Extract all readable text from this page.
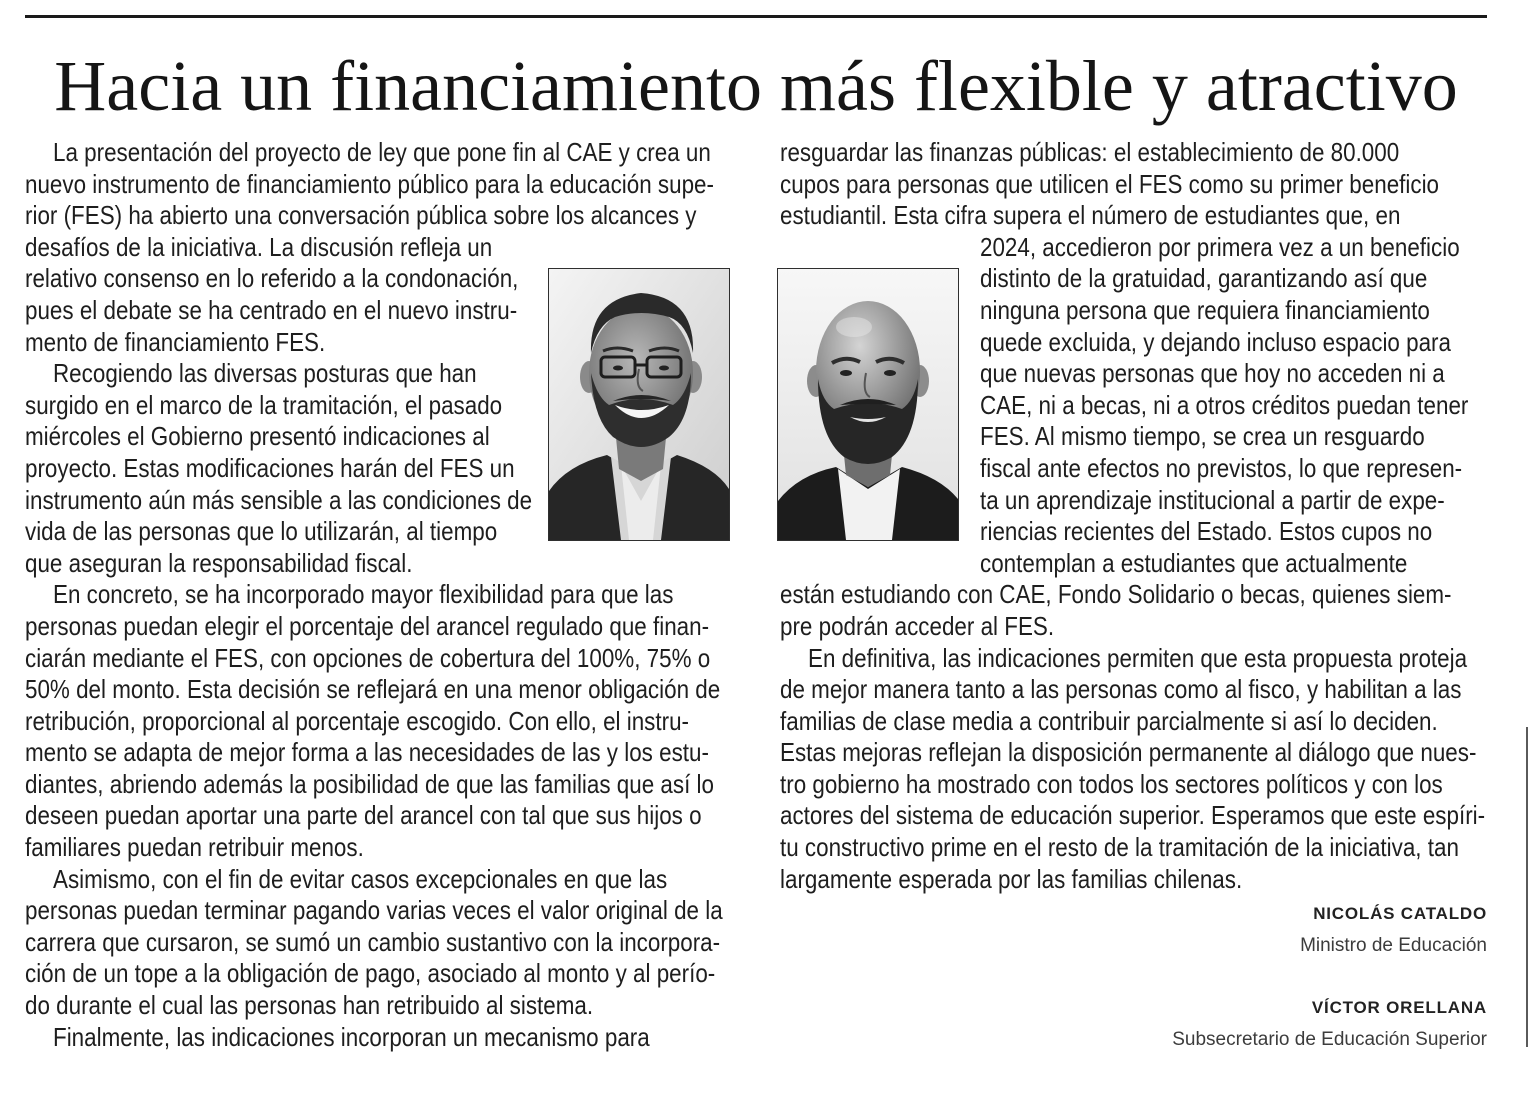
Hacia un financiamiento más flexible y atractivo
La presentación del proyecto de ley que pone fin al CAE y crea un
nuevo instrumento de financiamiento público para la educación supe-
rior (FES) ha abierto una conversación pública sobre los alcances y
desafíos de la iniciativa. La discusión refleja un
relativo consenso en lo referido a la condonación,
pues el debate se ha centrado en el nuevo instru-
mento de financiamiento FES.
Recogiendo las diversas posturas que han
surgido en el marco de la tramitación, el pasado
miércoles el Gobierno presentó indicaciones al
proyecto. Estas modificaciones harán del FES un
instrumento aún más sensible a las condiciones de
vida de las personas que lo utilizarán, al tiempo
que aseguran la responsabilidad fiscal.
En concreto, se ha incorporado mayor flexibilidad para que las
personas puedan elegir el porcentaje del arancel regulado que finan-
ciarán mediante el FES, con opciones de cobertura del 100%, 75% o
50% del monto. Esta decisión se reflejará en una menor obligación de
retribución, proporcional al porcentaje escogido. Con ello, el instru-
mento se adapta de mejor forma a las necesidades de las y los estu-
diantes, abriendo además la posibilidad de que las familias que así lo
deseen puedan aportar una parte del arancel con tal que sus hijos o
familiares puedan retribuir menos.
Asimismo, con el fin de evitar casos excepcionales en que las
personas puedan terminar pagando varias veces el valor original de la
carrera que cursaron, se sumó un cambio sustantivo con la incorpora-
ción de un tope a la obligación de pago, asociado al monto y al perío-
do durante el cual las personas han retribuido al sistema.
Finalmente, las indicaciones incorporan un mecanismo para
resguardar las finanzas públicas: el establecimiento de 80.000
cupos para personas que utilicen el FES como su primer beneficio
estudiantil. Esta cifra supera el número de estudiantes que, en
2024, accedieron por primera vez a un beneficio
distinto de la gratuidad, garantizando así que
ninguna persona que requiera financiamiento
quede excluida, y dejando incluso espacio para
que nuevas personas que hoy no acceden ni a
CAE, ni a becas, ni a otros créditos puedan tener
FES. Al mismo tiempo, se crea un resguardo
fiscal ante efectos no previstos, lo que represen-
ta un aprendizaje institucional a partir de expe-
riencias recientes del Estado. Estos cupos no
contemplan a estudiantes que actualmente
están estudiando con CAE, Fondo Solidario o becas, quienes siem-
pre podrán acceder al FES.
En definitiva, las indicaciones permiten que esta propuesta proteja
de mejor manera tanto a las personas como al fisco, y habilitan a las
familias de clase media a contribuir parcialmente si así lo deciden.
Estas mejoras reflejan la disposición permanente al diálogo que nues-
tro gobierno ha mostrado con todos los sectores políticos y con los
actores del sistema de educación superior. Esperamos que este espíri-
tu constructivo prime en el resto de la tramitación de la iniciativa, tan
largamente esperada por las familias chilenas.
NICOLÁS CATALDO
Ministro de Educación
VÍCTOR ORELLANA
Subsecretario de Educación Superior
